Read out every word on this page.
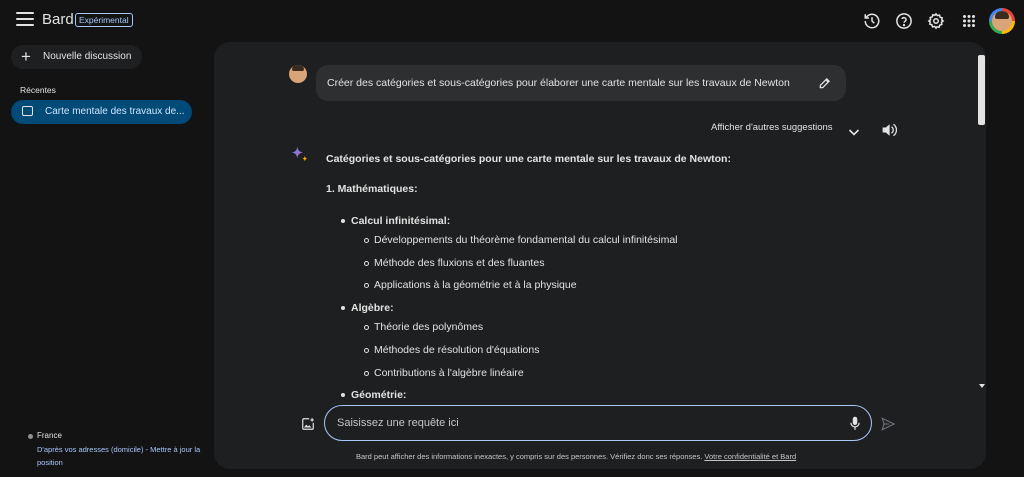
Bard Expérimental
+ Nouvelle discussion
Récentes
Carte mentale des travaux de...
France
D'après vos adresses (domicile) - Mettre à jour la position
Créer des catégories et sous-catégories pour élaborer une carte mentale sur les travaux de Newton
Afficher d'autres suggestions
Catégories et sous-catégories pour une carte mentale sur les travaux de Newton:
1. Mathématiques:
Calcul infinitésimal:
Développements du théorème fondamental du calcul infinitésimal
Méthode des fluxions et des fluantes
Applications à la géométrie et à la physique
Algèbre:
Théorie des polynômes
Méthodes de résolution d'équations
Contributions à l'algèbre linéaire
Géométrie:
Saisissez une requête ici
Bard peut afficher des informations inexactes, y compris sur des personnes. Vérifiez donc ses réponses. Votre confidentialité et Bard
